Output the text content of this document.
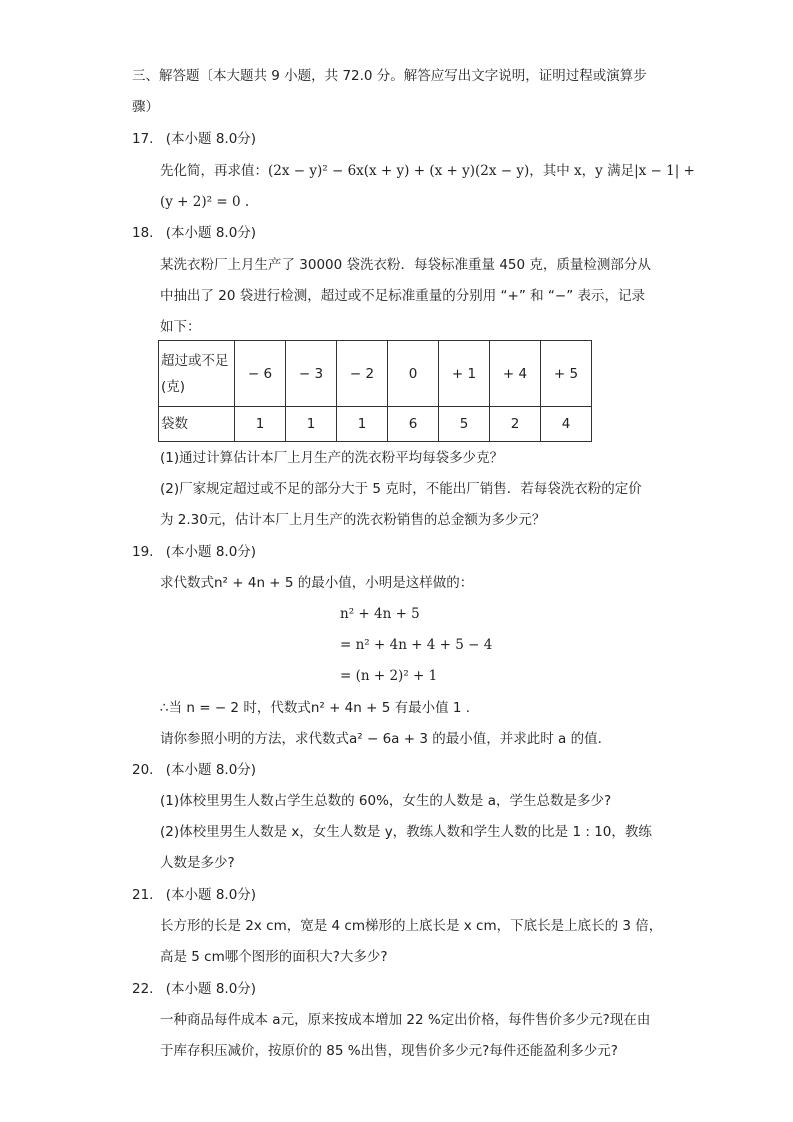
三、解答题〔本大题共 9 小题，共 72.0 分。解答应写出文字说明，证明过程或演算步
骤）
17. (本小题 8.0分)
先化简，再求值：(2x − y)² − 6x(x + y) + (x + y)(2x − y)，其中 x，y 满足|x − 1| +
(y + 2)² = 0 .
18. (本小题 8.0分)
某洗衣粉厂上月生产了 30000 袋洗衣粉．每袋标准重量 450 克，质量检测部分从
中抽出了 20 袋进行检测，超过或不足标准重量的分别用 “+” 和 “−” 表示，记录
如下：
超过或不足
(克)	− 6	− 3	− 2	0	+ 1	+ 4	+ 5
袋数	1	1	1	6	5	2	4
(1)通过计算估计本厂上月生产的洗衣粉平均每袋多少克？
(2)厂家规定超过或不足的部分大于 5 克时，不能出厂销售．若每袋洗衣粉的定价
为 2.30元，估计本厂上月生产的洗衣粉销售的总金额为多少元？
19. (本小题 8.0分)
求代数式n² + 4n + 5 的最小值，小明是这样做的：
n² + 4n + 5
= n² + 4n + 4 + 5 − 4
= (n + 2)² + 1
∴当 n = − 2 时，代数式n² + 4n + 5 有最小值 1 .
请你参照小明的方法，求代数式a² − 6a + 3 的最小值，并求此时 a 的值．
20. (本小题 8.0分)
(1)体校里男生人数占学生总数的 60%，女生的人数是 a，学生总数是多少?
(2)体校里男生人数是 x，女生人数是 y，教练人数和学生人数的比是 1 : 10，教练
人数是多少?
21. (本小题 8.0分)
长方形的长是 2x cm，宽是 4 cm梯形的上底长是 x cm，下底长是上底长的 3 倍，
高是 5 cm哪个图形的面积大?大多少?
22. (本小题 8.0分)
一种商品每件成本 a元，原来按成本增加 22 %定出价格，每件售价多少元?现在由
于库存积压减价，按原价的 85 %出售，现售价多少元?每件还能盈利多少元?
